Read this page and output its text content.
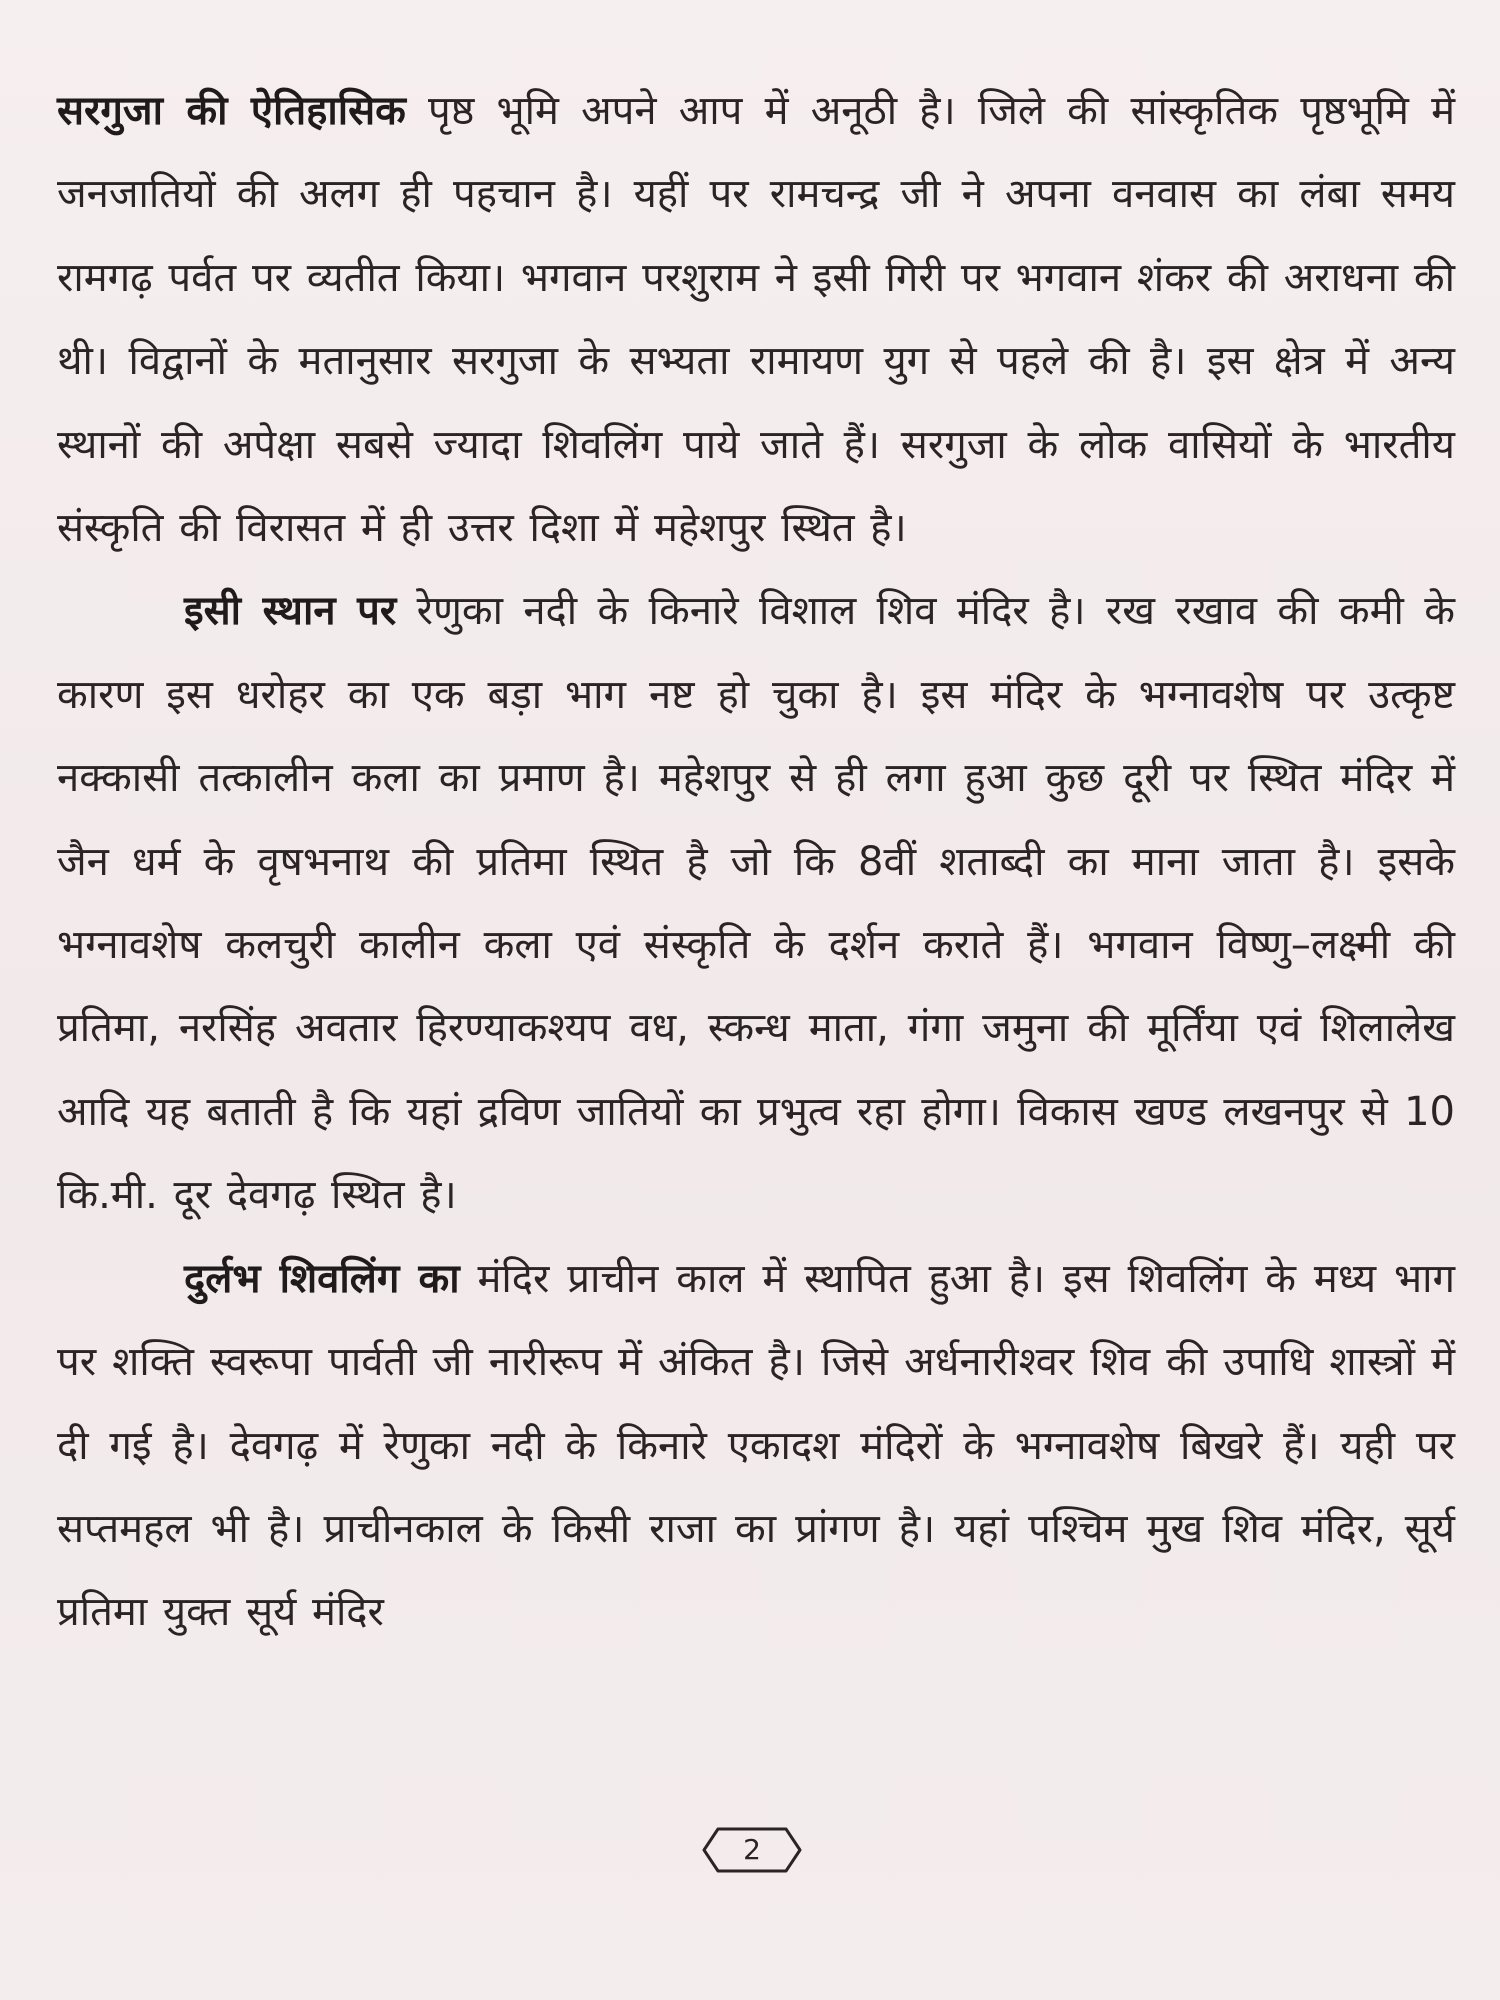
सरगुजा की ऐतिहासिक पृष्ठ भूमि अपने आप में अनूठी है। जिले की सांस्कृतिक पृष्ठभूमि में जनजातियों की अलग ही पहचान है। यहीं पर रामचन्द्र जी ने अपना वनवास का लंबा समय रामगढ़ पर्वत पर व्यतीत किया। भगवान परशुराम ने इसी गिरी पर भगवान शंकर की अराधना की थी। विद्वानों के मतानुसार सरगुजा के सभ्यता रामायण युग से पहले की है। इस क्षेत्र में अन्य स्थानों की अपेक्षा सबसे ज्यादा शिवलिंग पाये जाते हैं। सरगुजा के लोक वासियों के भारतीय संस्कृति की विरासत में ही उत्तर दिशा में महेशपुर स्थित है।

इसी स्थान पर रेणुका नदी के किनारे विशाल शिव मंदिर है। रख रखाव की कमी के कारण इस धरोहर का एक बड़ा भाग नष्ट हो चुका है। इस मंदिर के भग्नावशेष पर उत्कृष्ट नक्कासी तत्कालीन कला का प्रमाण है। महेशपुर से ही लगा हुआ कुछ दूरी पर स्थित मंदिर में जैन धर्म के वृषभनाथ की प्रतिमा स्थित है जो कि 8वीं शताब्दी का माना जाता है। इसके भग्नावशेष कलचुरी कालीन कला एवं संस्कृति के दर्शन कराते हैं। भगवान विष्णु–लक्ष्मी की प्रतिमा, नरसिंह अवतार हिरण्याकश्यप वध, स्कन्ध माता, गंगा जमुना की मूर्तिंया एवं शिलालेख आदि यह बताती है कि यहां द्रविण जातियों का प्रभुत्व रहा होगा। विकास खण्ड लखनपुर से 10 कि.मी. दूर देवगढ़ स्थित है।

दुर्लभ शिवलिंग का मंदिर प्राचीन काल में स्थापित हुआ है। इस शिवलिंग के मध्य भाग पर शक्ति स्वरूपा पार्वती जी नारीरूप में अंकित है। जिसे अर्धनारीश्वर शिव की उपाधि शास्त्रों में दी गई है। देवगढ़ में रेणुका नदी के किनारे एकादश मंदिरों के भग्नावशेष बिखरे हैं। यही पर सप्तमहल भी है। प्राचीनकाल के किसी राजा का प्रांगण है। यहां पश्चिम मुख शिव मंदिर, सूर्य प्रतिमा युक्त सूर्य मंदिर

2
